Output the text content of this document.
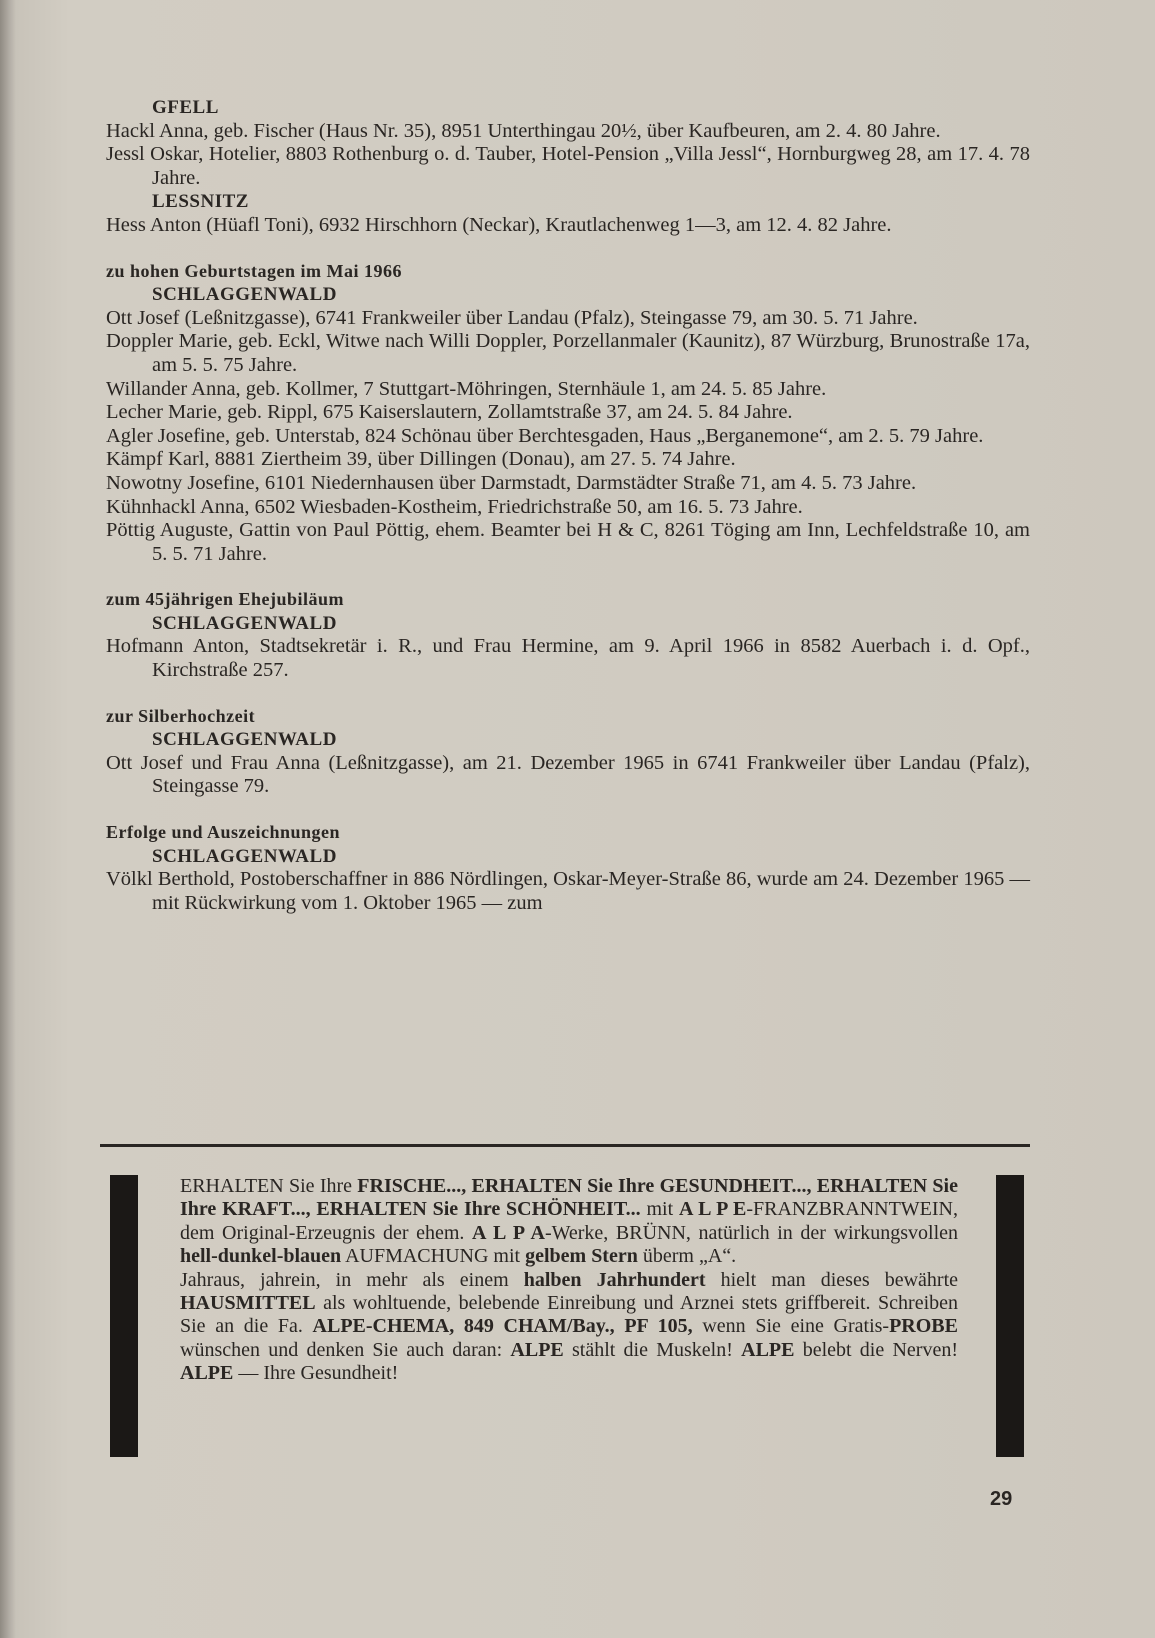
GFELL

Hackl Anna, geb. Fischer (Haus Nr. 35), 8951 Unterthingau 20½, über Kaufbeuren, am 2. 4. 80 Jahre.

Jessl Oskar, Hotelier, 8803 Rothenburg o. d. Tauber, Hotel-Pension „Villa Jessl“, Hornburgweg 28, am 17. 4. 78 Jahre.

LESSNITZ

Hess Anton (Hüafl Toni), 6932 Hirschhorn (Neckar), Krautlachenweg 1—3, am 12. 4. 82 Jahre.

zu hohen Geburtstagen im Mai 1966

SCHLAGGENWALD

Ott Josef (Leßnitzgasse), 6741 Frankweiler über Landau (Pfalz), Steingasse 79, am 30. 5. 71 Jahre.

Doppler Marie, geb. Eckl, Witwe nach Willi Doppler, Porzellanmaler (Kaunitz), 87 Würzburg, Brunostraße 17a, am 5. 5. 75 Jahre.

Willander Anna, geb. Kollmer, 7 Stuttgart-Möhringen, Sternhäule 1, am 24. 5. 85 Jahre.

Lecher Marie, geb. Rippl, 675 Kaiserslautern, Zollamtstraße 37, am 24. 5. 84 Jahre.

Agler Josefine, geb. Unterstab, 824 Schönau über Berchtesgaden, Haus „Berganemone“, am 2. 5. 79 Jahre.

Kämpf Karl, 8881 Ziertheim 39, über Dillingen (Donau), am 27. 5. 74 Jahre.

Nowotny Josefine, 6101 Niedernhausen über Darmstadt, Darmstädter Straße 71, am 4. 5. 73 Jahre.

Kühnhackl Anna, 6502 Wiesbaden-Kostheim, Friedrichstraße 50, am 16. 5. 73 Jahre.

Pöttig Auguste, Gattin von Paul Pöttig, ehem. Beamter bei H & C, 8261 Töging am Inn, Lechfeldstraße 10, am 5. 5. 71 Jahre.

zum 45jährigen Ehejubiläum

SCHLAGGENWALD

Hofmann Anton, Stadtsekretär i. R., und Frau Hermine, am 9. April 1966 in 8582 Auerbach i. d. Opf., Kirchstraße 257.

zur Silberhochzeit

SCHLAGGENWALD

Ott Josef und Frau Anna (Leßnitzgasse), am 21. Dezember 1965 in 6741 Frankweiler über Landau (Pfalz), Steingasse 79.

Erfolge und Auszeichnungen

SCHLAGGENWALD

Völkl Berthold, Postoberschaffner in 886 Nördlingen, Oskar-Meyer-Straße 86, wurde am 24. Dezember 1965 — mit Rückwirkung vom 1. Oktober 1965 — zum

ERHALTEN Sie Ihre FRISCHE..., ERHALTEN Sie Ihre GESUNDHEIT..., ERHALTEN Sie Ihre KRAFT..., ERHALTEN Sie Ihre SCHÖNHEIT... mit A L P E-FRANZBRANNTWEIN, dem Original-Erzeugnis der ehem. A L P A-Werke, BRÜNN, natürlich in der wirkungsvollen hell-dunkel-blauen AUFMACHUNG mit gelbem Stern überm „A“.

Jahraus, jahrein, in mehr als einem halben Jahrhundert hielt man dieses bewährte HAUSMITTEL als wohltuende, belebende Einreibung und Arznei stets griffbereit. Schreiben Sie an die Fa. ALPE-CHEMA, 849 CHAM/Bay., PF 105, wenn Sie eine Gratis-PROBE wünschen und denken Sie auch daran: ALPE stählt die Muskeln! ALPE belebt die Nerven! ALPE — Ihre Gesundheit!

29
